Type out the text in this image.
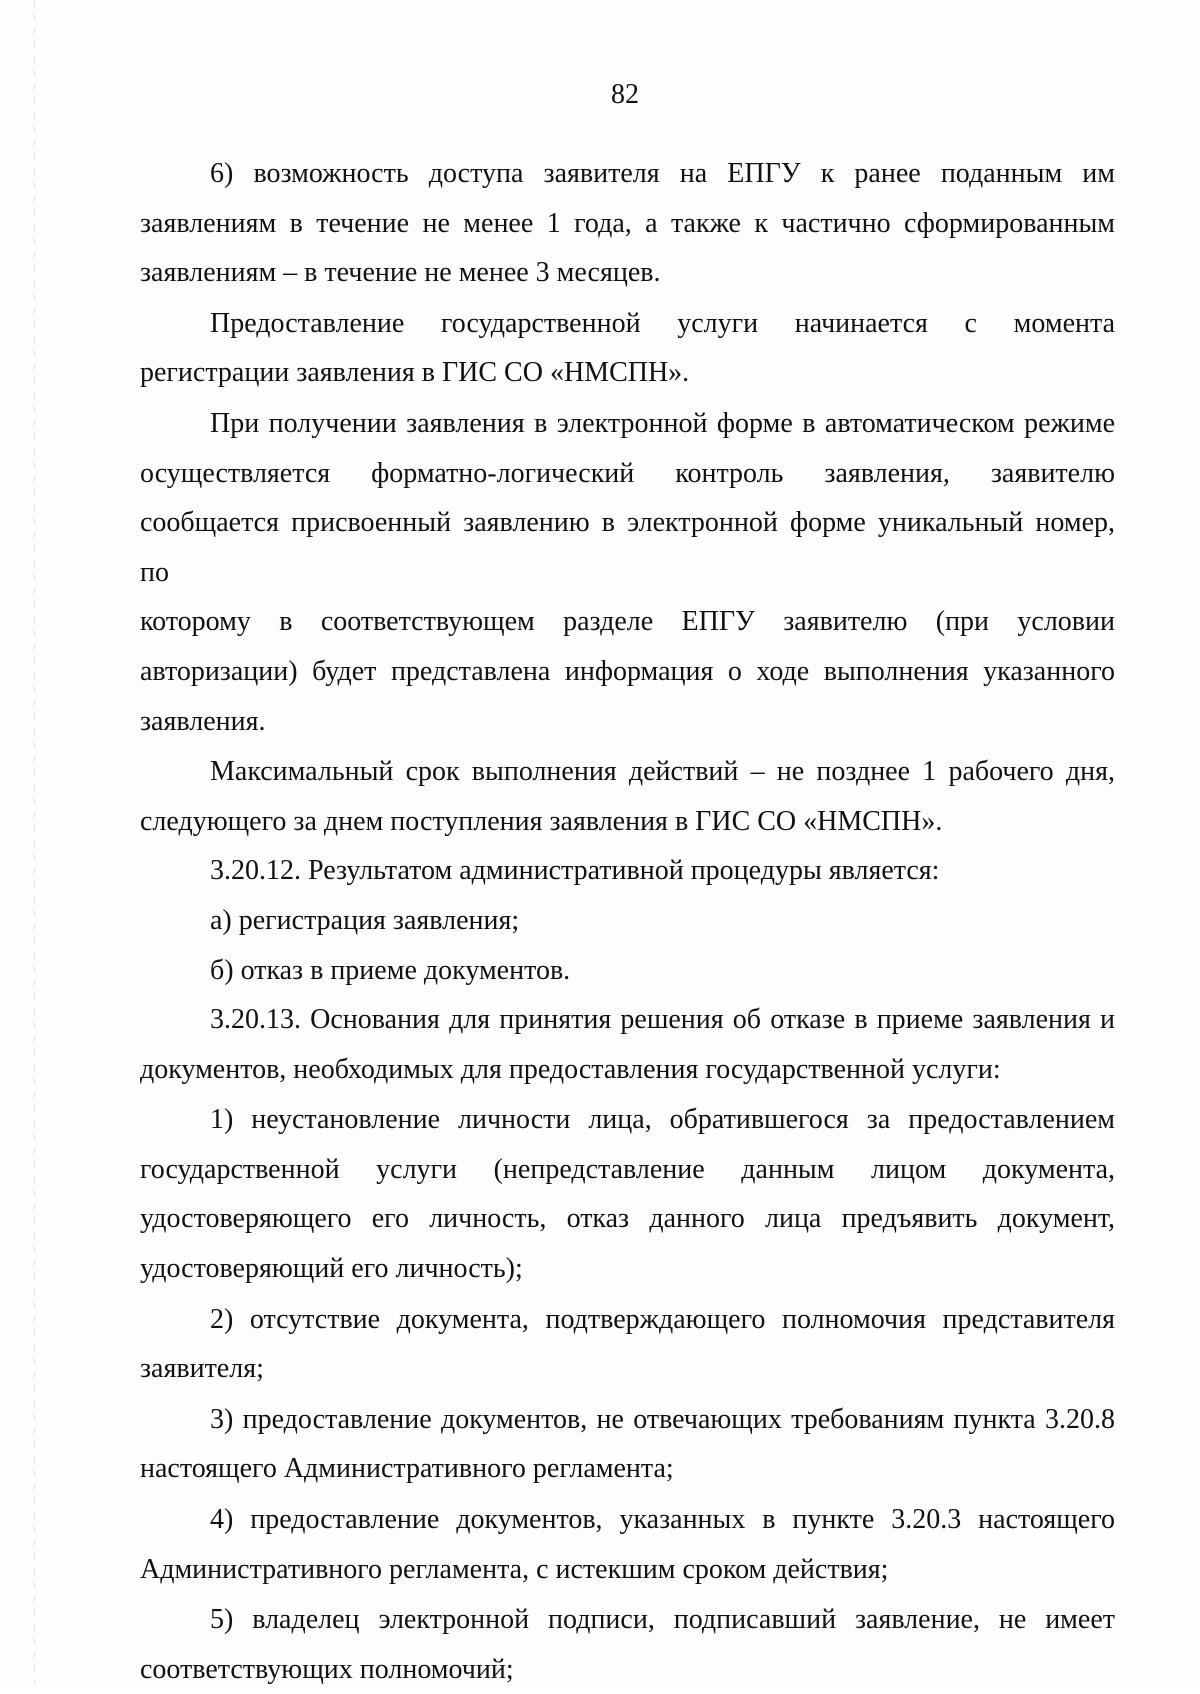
82

6) возможность доступа заявителя на ЕПГУ к ранее поданным им

заявлениям в течение не менее 1 года, а также к частично сформированным
заявлениям – в течение не менее 3 месяцев.

Предоставление государственной услуги начинается с момента

регистрации заявления в ГИС СО «НМСПН».

При получении заявления в электронной форме в автоматическом режиме

осуществляется форматно-логический контроль заявления, заявителю
сообщается присвоенный заявлению в электронной форме уникальный номер, по
которому в соответствующем разделе ЕПГУ заявителю (при условии
авторизации) будет представлена информация о ходе выполнения указанного
заявления.

Максимальный срок выполнения действий – не позднее 1 рабочего дня,

следующего за днем поступления заявления в ГИС СО «НМСПН».

3.20.12. Результатом административной процедуры является:

а) регистрация заявления;

б) отказ в приеме документов.

3.20.13. Основания для принятия решения об отказе в приеме заявления и

документов, необходимых для предоставления государственной услуги:

1) неустановление личности лица, обратившегося за предоставлением

государственной услуги (непредставление данным лицом документа,
удостоверяющего его личность, отказ данного лица предъявить документ,
удостоверяющий его личность);

2) отсутствие документа, подтверждающего полномочия представителя

заявителя;

3) предоставление документов, не отвечающих требованиям пункта 3.20.8

настоящего Административного регламента;

4) предоставление документов, указанных в пункте 3.20.3 настоящего

Административного регламента, с истекшим сроком действия;

5) владелец электронной подписи, подписавший заявление, не имеет

соответствующих полномочий;
